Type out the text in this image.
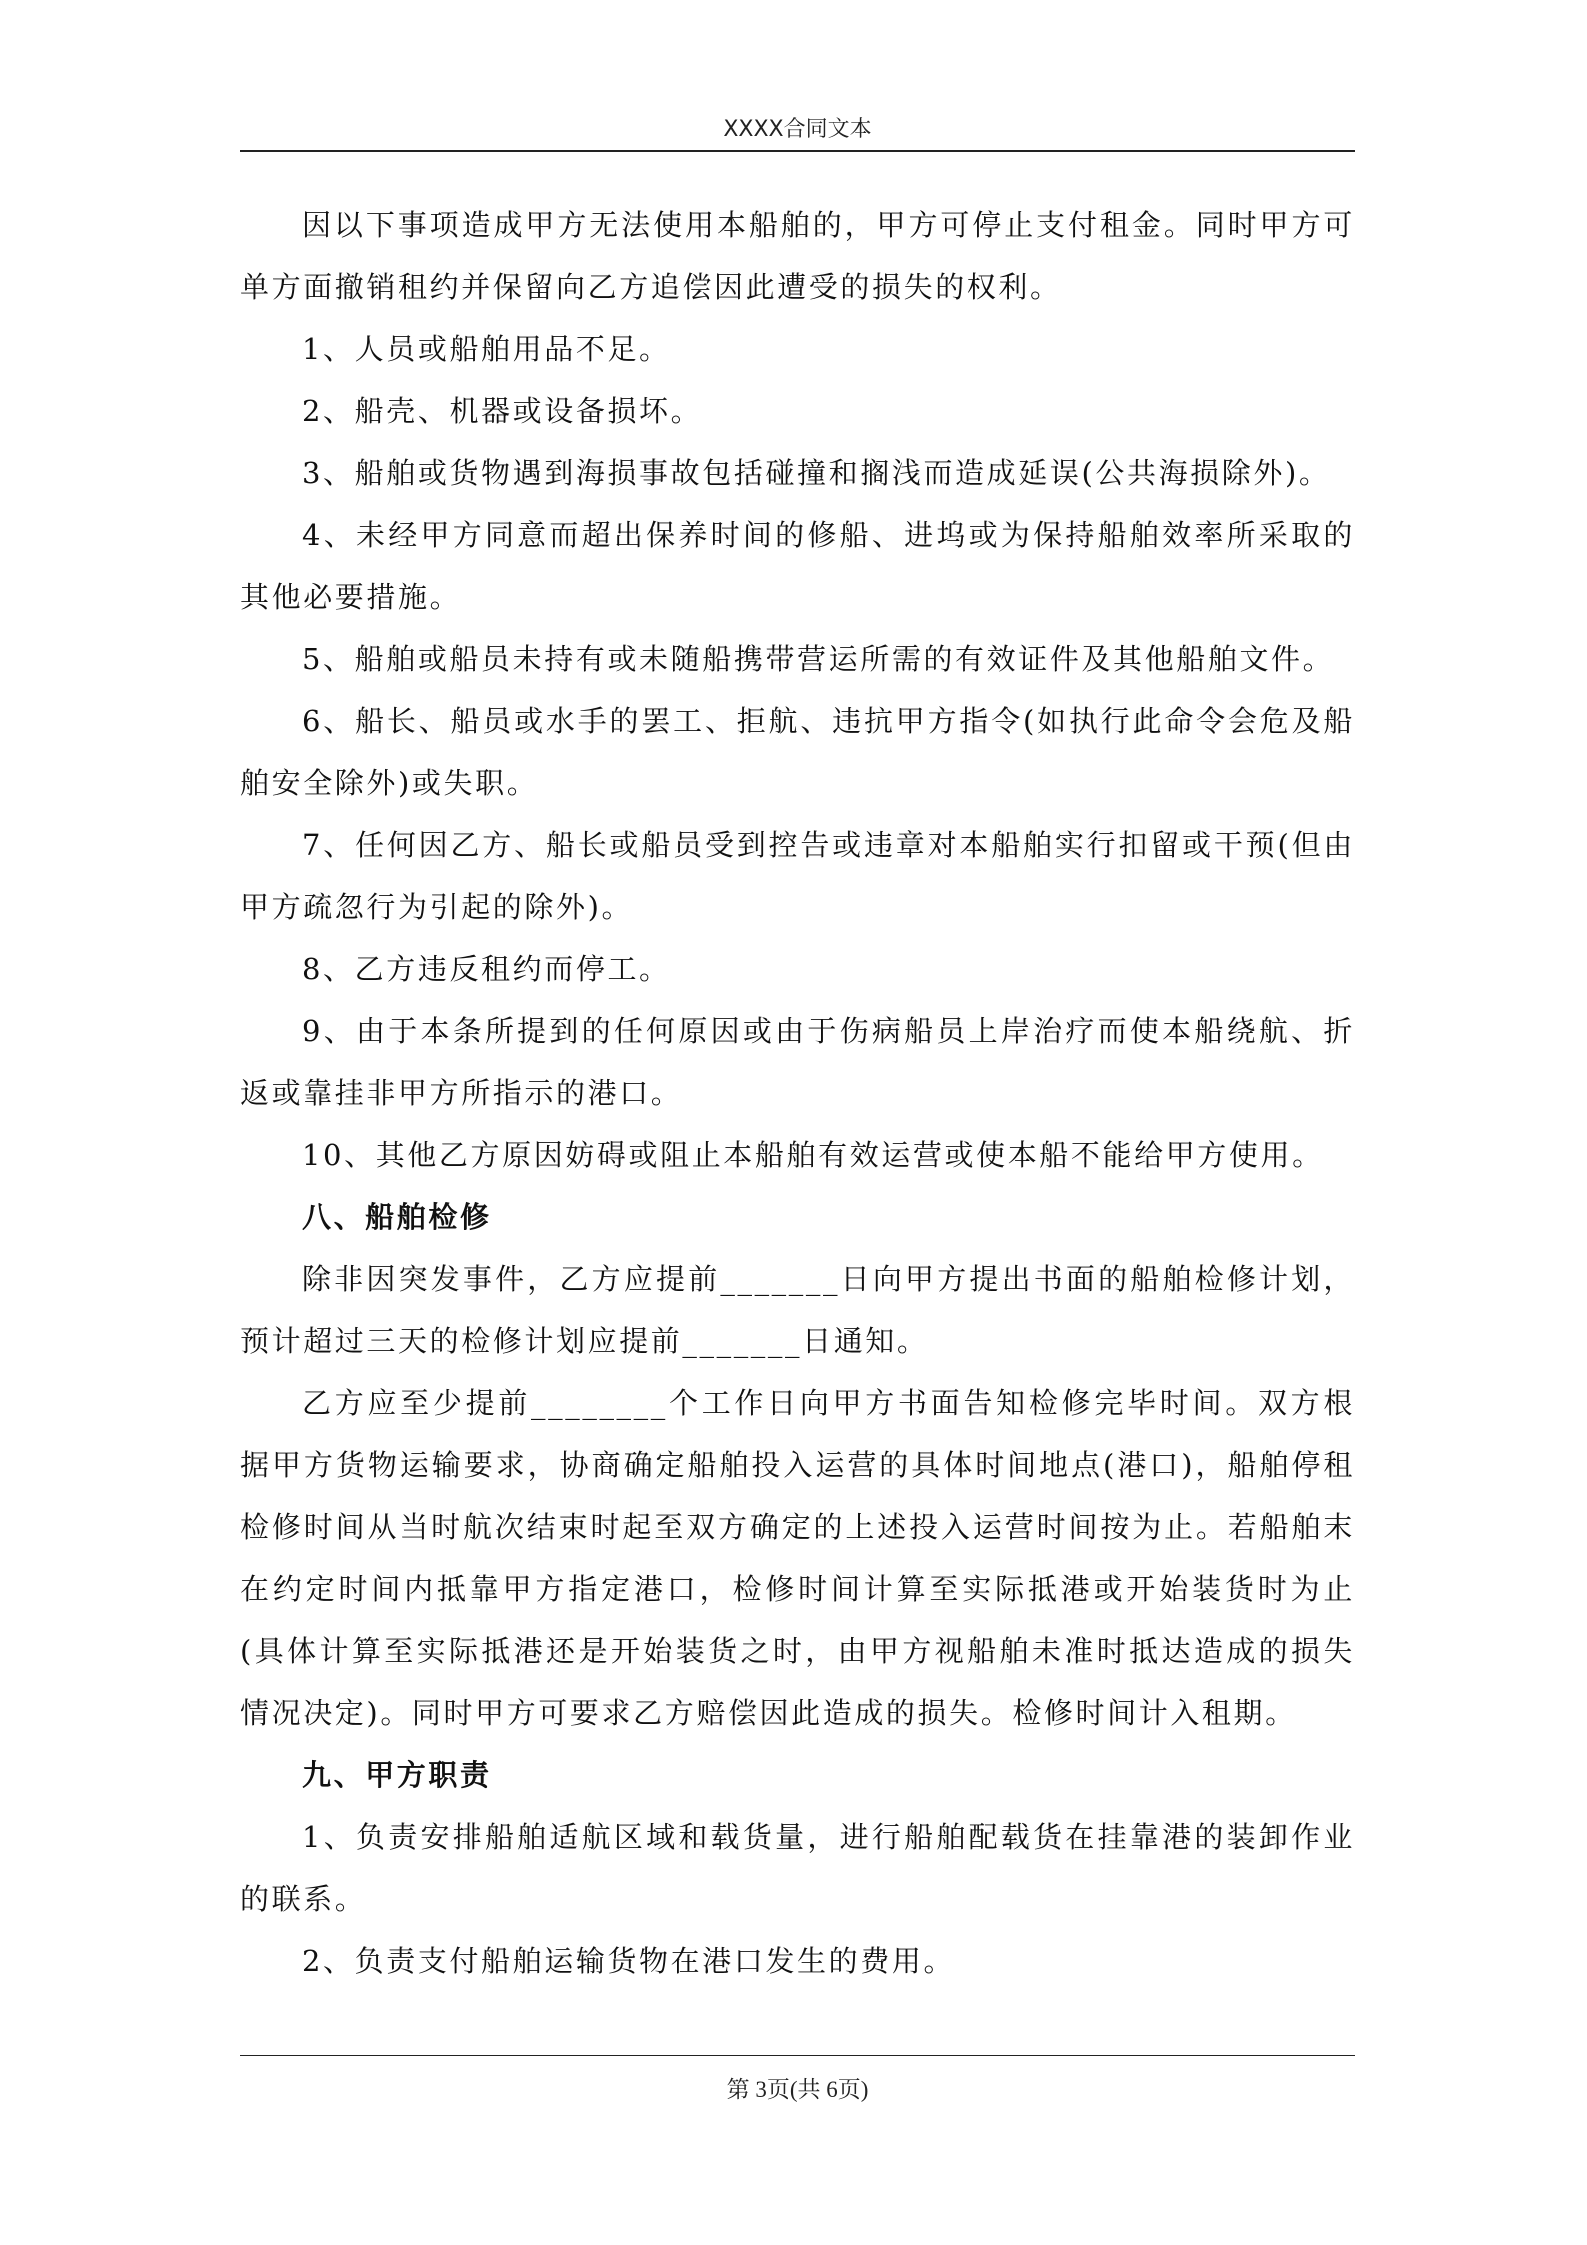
XXXX合同文本

因以下事项造成甲方无法使用本船舶的，甲方可停止支付租金。同时甲方可单方面撤销租约并保留向乙方追偿因此遭受的损失的权利。

1、人员或船舶用品不足。

2、船壳、机器或设备损坏。

3、船舶或货物遇到海损事故包括碰撞和搁浅而造成延误(公共海损除外)。

4、未经甲方同意而超出保养时间的修船、进坞或为保持船舶效率所采取的其他必要措施。

5、船舶或船员未持有或未随船携带营运所需的有效证件及其他船舶文件。

6、船长、船员或水手的罢工、拒航、违抗甲方指令(如执行此命令会危及船舶安全除外)或失职。

7、任何因乙方、船长或船员受到控告或违章对本船舶实行扣留或干预(但由甲方疏忽行为引起的除外)。

8、乙方违反租约而停工。

9、由于本条所提到的任何原因或由于伤病船员上岸治疗而使本船绕航、折返或靠挂非甲方所指示的港口。

10、其他乙方原因妨碍或阻止本船舶有效运营或使本船不能给甲方使用。

八、船舶检修

除非因突发事件，乙方应提前_______日向甲方提出书面的船舶检修计划，预计超过三天的检修计划应提前_______日通知。

乙方应至少提前________个工作日向甲方书面告知检修完毕时间。双方根据甲方货物运输要求，协商确定船舶投入运营的具体时间地点(港口)，船舶停租检修时间从当时航次结束时起至双方确定的上述投入运营时间按为止。若船舶末在约定时间内抵靠甲方指定港口，检修时间计算至实际抵港或开始装货时为止(具体计算至实际抵港还是开始装货之时，由甲方视船舶未准时抵达造成的损失情况决定)。同时甲方可要求乙方赔偿因此造成的损失。检修时间计入租期。

九、甲方职责

1、负责安排船舶适航区域和载货量，进行船舶配载货在挂靠港的装卸作业的联系。

2、负责支付船舶运输货物在港口发生的费用。

第 3页(共 6页)
